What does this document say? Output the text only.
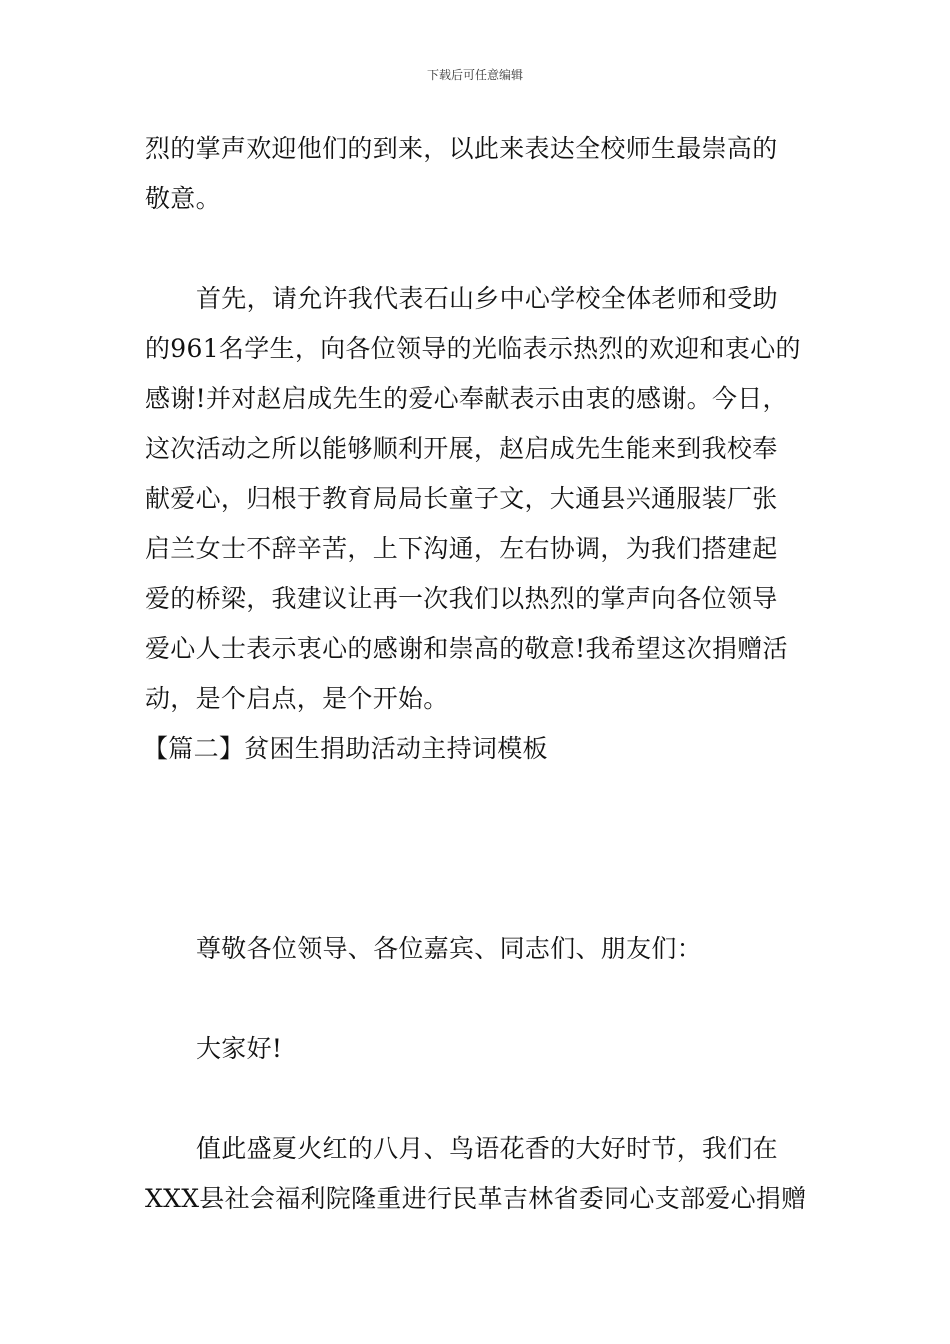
下载后可任意编辑
烈的掌声欢迎他们的到来，以此来表达全校师生最崇高的
敬意。
首先，请允许我代表石山乡中心学校全体老师和受助
的961名学生，向各位领导的光临表示热烈的欢迎和衷心的
感谢!并对赵启成先生的爱心奉献表示由衷的感谢。今日，
这次活动之所以能够顺利开展，赵启成先生能来到我校奉
献爱心，归根于教育局局长童子文，大通县兴通服装厂张
启兰女士不辞辛苦，上下沟通，左右协调，为我们搭建起
爱的桥梁，我建议让再一次我们以热烈的掌声向各位领导
爱心人士表示衷心的感谢和崇高的敬意!我希望这次捐赠活
动，是个启点，是个开始。
【篇二】贫困生捐助活动主持词模板
尊敬各位领导、各位嘉宾、同志们、朋友们：
大家好!
值此盛夏火红的八月、鸟语花香的大好时节，我们在
XXX县社会福利院隆重进行民革吉林省委同心支部爱心捐赠
